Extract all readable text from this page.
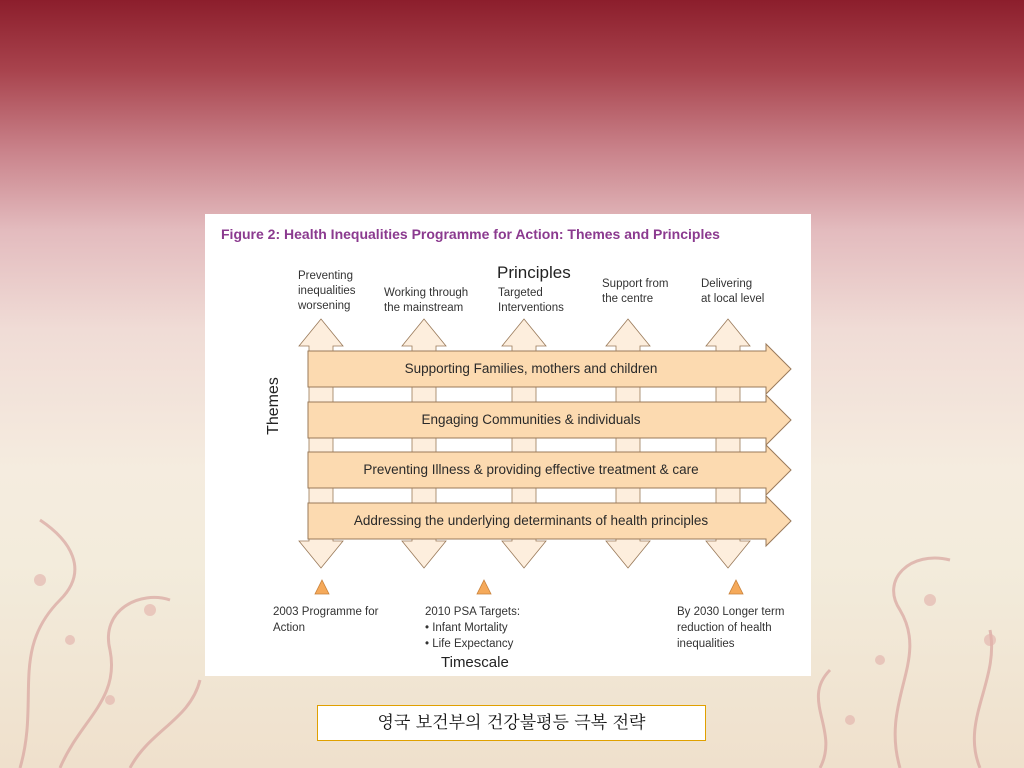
Figure 2: Health Inequalities Programme for Action: Themes and Principles
Principles
Preventing
inequalities
worsening
Working through
the mainstream
Targeted
Interventions
Support from
the centre
Delivering
at local level
Supporting Families, mothers and children
Engaging Communities & individuals
Preventing Illness & providing effective treatment & care
Addressing the underlying determinants of health principles
Themes
2003 Programme for
Action
2010 PSA Targets:
• Infant Mortality
• Life Expectancy
By 2030 Longer term
reduction of health
inequalities
Timescale
영국 보건부의 건강불평등 극복 전략
